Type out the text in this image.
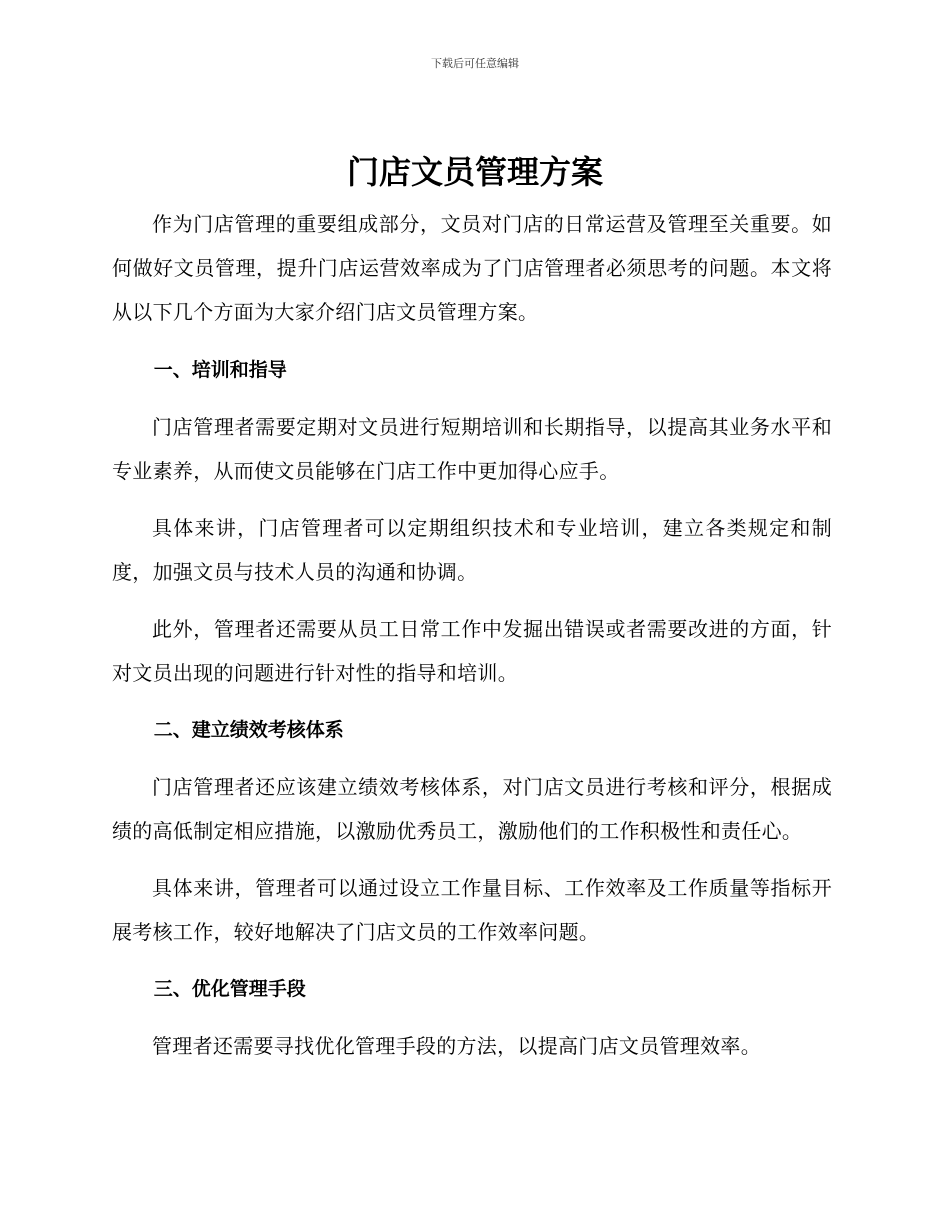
下载后可任意编辑

门店文员管理方案

作为门店管理的重要组成部分，文员对门店的日常运营及管理至关重要。如何做好文员管理，提升门店运营效率成为了门店管理者必须思考的问题。本文将从以下几个方面为大家介绍门店文员管理方案。

一、培训和指导

门店管理者需要定期对文员进行短期培训和长期指导，以提高其业务水平和专业素养，从而使文员能够在门店工作中更加得心应手。

具体来讲，门店管理者可以定期组织技术和专业培训，建立各类规定和制度，加强文员与技术人员的沟通和协调。

此外，管理者还需要从员工日常工作中发掘出错误或者需要改进的方面，针对文员出现的问题进行针对性的指导和培训。

二、建立绩效考核体系

门店管理者还应该建立绩效考核体系，对门店文员进行考核和评分，根据成绩的高低制定相应措施，以激励优秀员工，激励他们的工作积极性和责任心。

具体来讲，管理者可以通过设立工作量目标、工作效率及工作质量等指标开展考核工作，较好地解决了门店文员的工作效率问题。

三、优化管理手段

管理者还需要寻找优化管理手段的方法，以提高门店文员管理效率。
